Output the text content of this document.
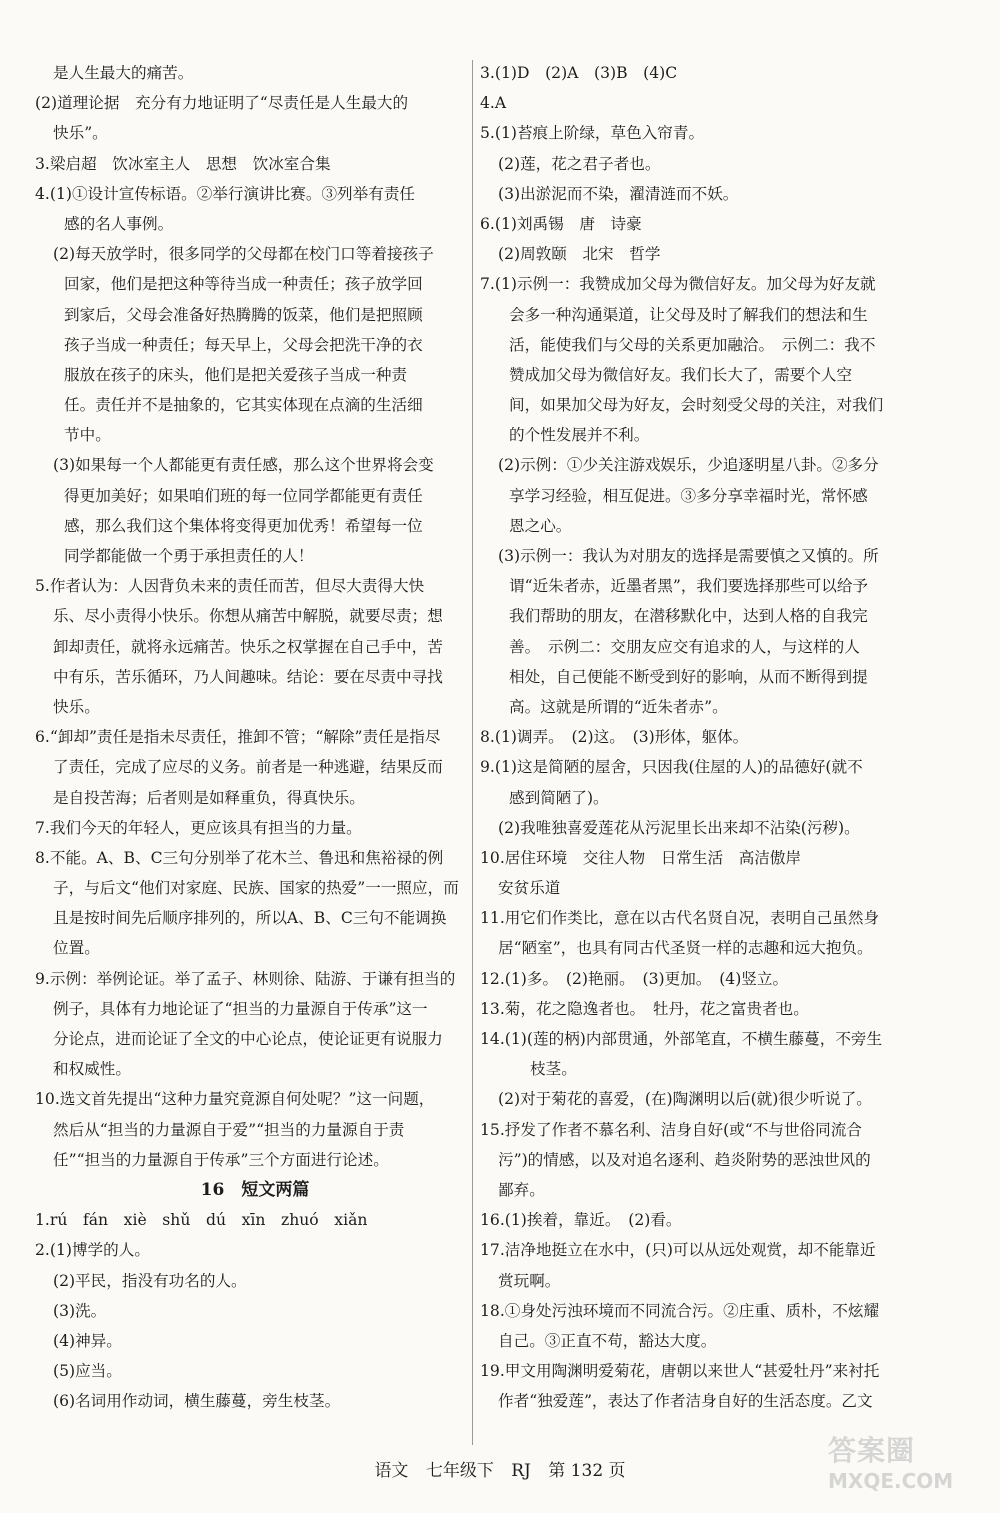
是人生最大的痛苦。
(2)道理论据　充分有力地证明了“尽责任是人生最大的
快乐”。
3.梁启超　饮冰室主人　思想　饮冰室合集
4.(1)①设计宣传标语。②举行演讲比赛。③列举有责任
感的名人事例。
(2)每天放学时，很多同学的父母都在校门口等着接孩子
回家，他们是把这种等待当成一种责任；孩子放学回
到家后，父母会准备好热腾腾的饭菜，他们是把照顾
孩子当成一种责任；每天早上，父母会把洗干净的衣
服放在孩子的床头，他们是把关爱孩子当成一种责
任。责任并不是抽象的，它其实体现在点滴的生活细
节中。
(3)如果每一个人都能更有责任感，那么这个世界将会变
得更加美好；如果咱们班的每一位同学都能更有责任
感，那么我们这个集体将变得更加优秀！希望每一位
同学都能做一个勇于承担责任的人！
5.作者认为：人因背负未来的责任而苦，但尽大责得大快
乐、尽小责得小快乐。你想从痛苦中解脱，就要尽责；想
卸却责任，就将永远痛苦。快乐之权掌握在自己手中，苦
中有乐，苦乐循环，乃人间趣味。结论：要在尽责中寻找
快乐。
6.“卸却”责任是指未尽责任，推卸不管；“解除”责任是指尽
了责任，完成了应尽的义务。前者是一种逃避，结果反而
是自投苦海；后者则是如释重负，得真快乐。
7.我们今天的年轻人，更应该具有担当的力量。
8.不能。A、B、C三句分别举了花木兰、鲁迅和焦裕禄的例
子，与后文“他们对家庭、民族、国家的热爱”一一照应，而
且是按时间先后顺序排列的，所以A、B、C三句不能调换
位置。
9.示例：举例论证。举了孟子、林则徐、陆游、于谦有担当的
例子，具体有力地论证了“担当的力量源自于传承”这一
分论点，进而论证了全文的中心论点，使论证更有说服力
和权威性。
10.选文首先提出“这种力量究竟源自何处呢？”这一问题，
然后从“担当的力量源自于爱”“担当的力量源自于责
任”“担当的力量源自于传承”三个方面进行论述。
16　短文两篇
1.rú　fán　xiè　shǔ　dú　xīn　zhuó　xiǎn
2.(1)博学的人。
(2)平民，指没有功名的人。
(3)洗。
(4)神异。
(5)应当。
(6)名词用作动词，横生藤蔓，旁生枝茎。
3.(1)D　(2)A　(3)B　(4)C
4.A
5.(1)苔痕上阶绿，草色入帘青。
(2)莲，花之君子者也。
(3)出淤泥而不染，濯清涟而不妖。
6.(1)刘禹锡　唐　诗豪
(2)周敦颐　北宋　哲学
7.(1)示例一：我赞成加父母为微信好友。加父母为好友就
会多一种沟通渠道，让父母及时了解我们的想法和生
活，能使我们与父母的关系更加融洽。　示例二：我不
赞成加父母为微信好友。我们长大了，需要个人空
间，如果加父母为好友，会时刻受父母的关注，对我们
的个性发展并不利。
(2)示例：①少关注游戏娱乐，少追逐明星八卦。②多分
享学习经验，相互促进。③多分享幸福时光，常怀感
恩之心。
(3)示例一：我认为对朋友的选择是需要慎之又慎的。所
谓“近朱者赤，近墨者黑”，我们要选择那些可以给予
我们帮助的朋友，在潜移默化中，达到人格的自我完
善。　示例二：交朋友应交有追求的人，与这样的人
相处，自己便能不断受到好的影响，从而不断得到提
高。这就是所谓的“近朱者赤”。
8.(1)调弄。　(2)这。　(3)形体，躯体。
9.(1)这是简陋的屋舍，只因我(住屋的人)的品德好(就不
感到简陋了)。
(2)我唯独喜爱莲花从污泥里长出来却不沾染(污秽)。
10.居住环境　交往人物　日常生活　高洁傲岸
安贫乐道
11.用它们作类比，意在以古代名贤自况，表明自己虽然身
居“陋室”，也具有同古代圣贤一样的志趣和远大抱负。
12.(1)多。　(2)艳丽。　(3)更加。　(4)竖立。
13.菊，花之隐逸者也。　牡丹，花之富贵者也。
14.(1)(莲的柄)内部贯通，外部笔直，不横生藤蔓，不旁生
枝茎。
(2)对于菊花的喜爱，(在)陶渊明以后(就)很少听说了。
15.抒发了作者不慕名利、洁身自好(或“不与世俗同流合
污”)的情感，以及对追名逐利、趋炎附势的恶浊世风的
鄙弃。
16.(1)挨着，靠近。　(2)看。
17.洁净地挺立在水中，(只)可以从远处观赏，却不能靠近
赏玩啊。
18.①身处污浊环境而不同流合污。②庄重、质朴，不炫耀
自己。③正直不苟，豁达大度。
19.甲文用陶渊明爱菊花，唐朝以来世人“甚爱牡丹”来衬托
作者“独爱莲”，表达了作者洁身自好的生活态度。乙文
语文 七年级下 RJ 第 132 页
答案圈
MXQE.COM
